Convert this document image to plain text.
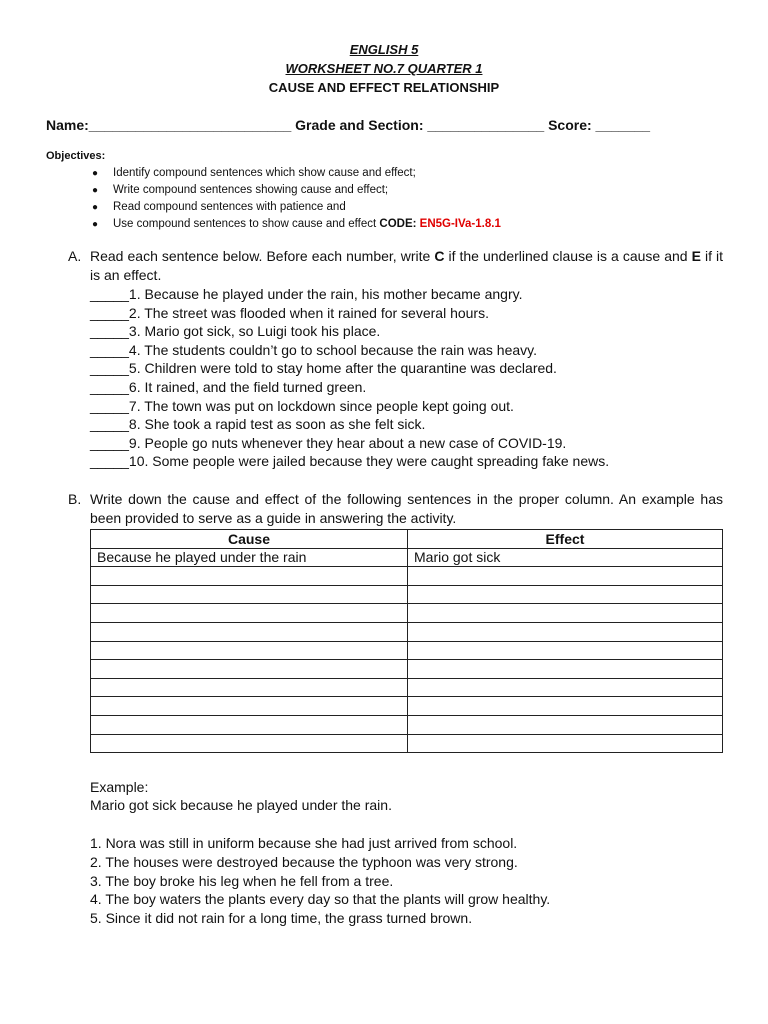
ENGLISH 5
WORKSHEET NO.7 QUARTER 1
CAUSE AND EFFECT RELATIONSHIP
Name:__________________________ Grade and Section: _______________ Score: _______
Objectives:
● Identify compound sentences which show cause and effect;
● Write compound sentences showing cause and effect;
● Read compound sentences with patience and
● Use compound sentences to show cause and effect CODE: EN5G-IVa-1.8.1
A. Read each sentence below. Before each number, write C if the underlined clause is a cause and E if it is an effect.
_____1. Because he played under the rain, his mother became angry.
_____2. The street was flooded when it rained for several hours.
_____3. Mario got sick, so Luigi took his place.
_____4. The students couldn’t go to school because the rain was heavy.
_____5. Children were told to stay home after the quarantine was declared.
_____6. It rained, and the field turned green.
_____7. The town was put on lockdown since people kept going out.
_____8. She took a rapid test as soon as she felt sick.
_____9. People go nuts whenever they hear about a new case of COVID-19.
_____10. Some people were jailed because they were caught spreading fake news.
B. Write down the cause and effect of the following sentences in the proper column. An example has been provided to serve as a guide in answering the activity.
Cause	Effect
Because he played under the rain	Mario got sick

Example:
Mario got sick because he played under the rain.
1. Nora was still in uniform because she had just arrived from school.
2. The houses were destroyed because the typhoon was very strong.
3. The boy broke his leg when he fell from a tree.
4. The boy waters the plants every day so that the plants will grow healthy.
5. Since it did not rain for a long time, the grass turned brown.
